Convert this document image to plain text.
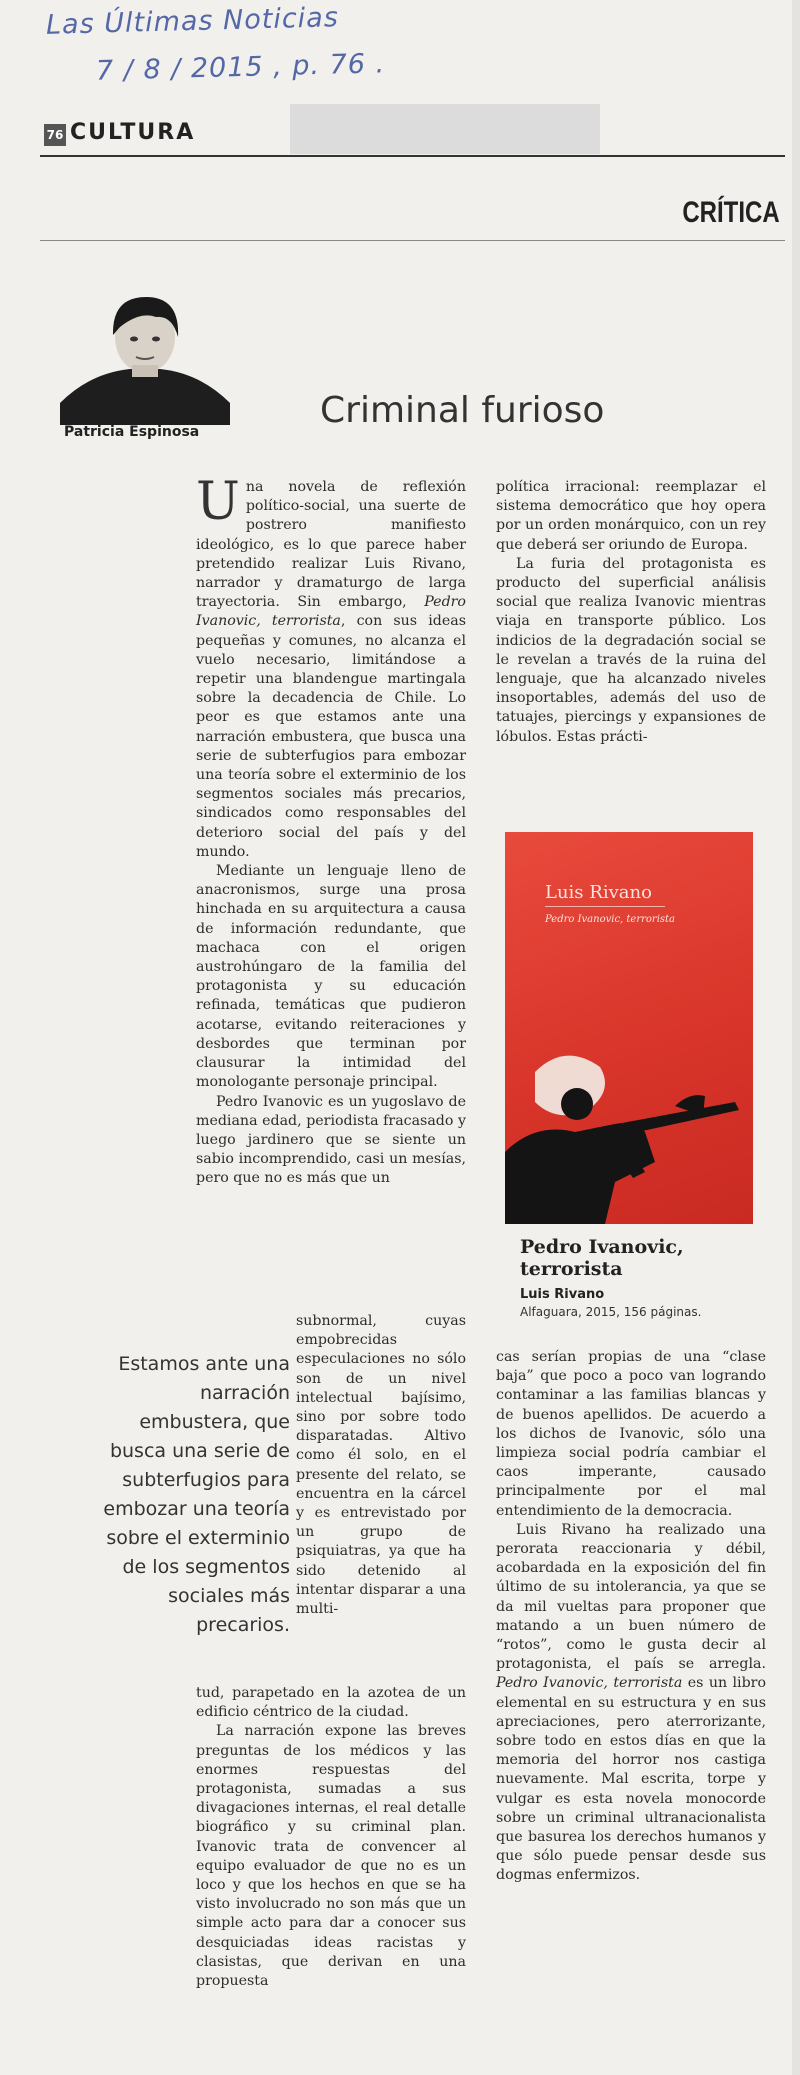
Las Últimas Noticias
7 / 8 / 2015 , p. 76 .
76 CULTURA
CRÍTICA
Patricia Espinosa
Criminal furioso

Una novela de reflexión político-social, una suerte de postrero manifiesto ideológico, es lo que parece haber pretendido realizar Luis Rivano, narrador y dramaturgo de larga trayectoria. Sin embargo, Pedro Ivanovic, terrorista, con sus ideas pequeñas y comunes, no alcanza el vuelo necesario, limitándose a repetir una blandengue martingala sobre la decadencia de Chile. Lo peor es que estamos ante una narración embustera, que busca una serie de subterfugios para embozar una teoría sobre el exterminio de los segmentos sociales más precarios, sindicados como responsables del deterioro social del país y del mundo.

Mediante un lenguaje lleno de anacronismos, surge una prosa hinchada en su arquitectura a causa de información redundante, que machaca con el origen austrohúngaro de la familia del protagonista y su educación refinada, temáticas que pudieron acotarse, evitando reiteraciones y desbordes que terminan por clausurar la intimidad del monologante personaje principal.

Pedro Ivanovic es un yugoslavo de mediana edad, periodista fracasado y luego jardinero que se siente un sabio incomprendido, casi un mesías, pero que no es más que un

subnormal, cuyas empobrecidas especulaciones no sólo son de un nivel intelectual bajísimo, sino por sobre todo disparatadas. Altivo como él solo, en el presente del relato, se encuentra en la cárcel y es entrevistado por un grupo de psiquiatras, ya que ha sido detenido al intentar disparar a una multi-

Estamos ante una narración embustera, que busca una serie de subterfugios para embozar una teoría sobre el exterminio de los segmentos sociales más precarios.

tud, parapetado en la azotea de un edificio céntrico de la ciudad.

La narración expone las breves preguntas de los médicos y las enormes respuestas del protagonista, sumadas a sus divagaciones internas, el real detalle biográfico y su criminal plan. Ivanovic trata de convencer al equipo evaluador de que no es un loco y que los hechos en que se ha visto involucrado no son más que un simple acto para dar a conocer sus desquiciadas ideas racistas y clasistas, que derivan en una propuesta

política irracional: reemplazar el sistema democrático que hoy opera por un orden monárquico, con un rey que deberá ser oriundo de Europa.

La furia del protagonista es producto del superficial análisis social que realiza Ivanovic mientras viaja en transporte público. Los indicios de la degradación social se le revelan a través de la ruina del lenguaje, que ha alcanzado niveles insoportables, además del uso de tatuajes, piercings y expansiones de lóbulos. Estas prácti-

Luis Rivano
Pedro Ivanovic, terrorista
Pedro Ivanovic, terrorista
Luis Rivano
Alfaguara, 2015, 156 páginas.

cas serían propias de una “clase baja” que poco a poco van logrando contaminar a las familias blancas y de buenos apellidos. De acuerdo a los dichos de Ivanovic, sólo una limpieza social podría cambiar el caos imperante, causado principalmente por el mal entendimiento de la democracia.

Luis Rivano ha realizado una perorata reaccionaria y débil, acobardada en la exposición del fin último de su intolerancia, ya que se da mil vueltas para proponer que matando a un buen número de “rotos”, como le gusta decir al protagonista, el país se arregla. Pedro Ivanovic, terrorista es un libro elemental en su estructura y en sus apreciaciones, pero aterrorizante, sobre todo en estos días en que la memoria del horror nos castiga nuevamente. Mal escrita, torpe y vulgar es esta novela monocorde sobre un criminal ultranacionalista que basurea los derechos humanos y que sólo puede pensar desde sus dogmas enfermizos.
